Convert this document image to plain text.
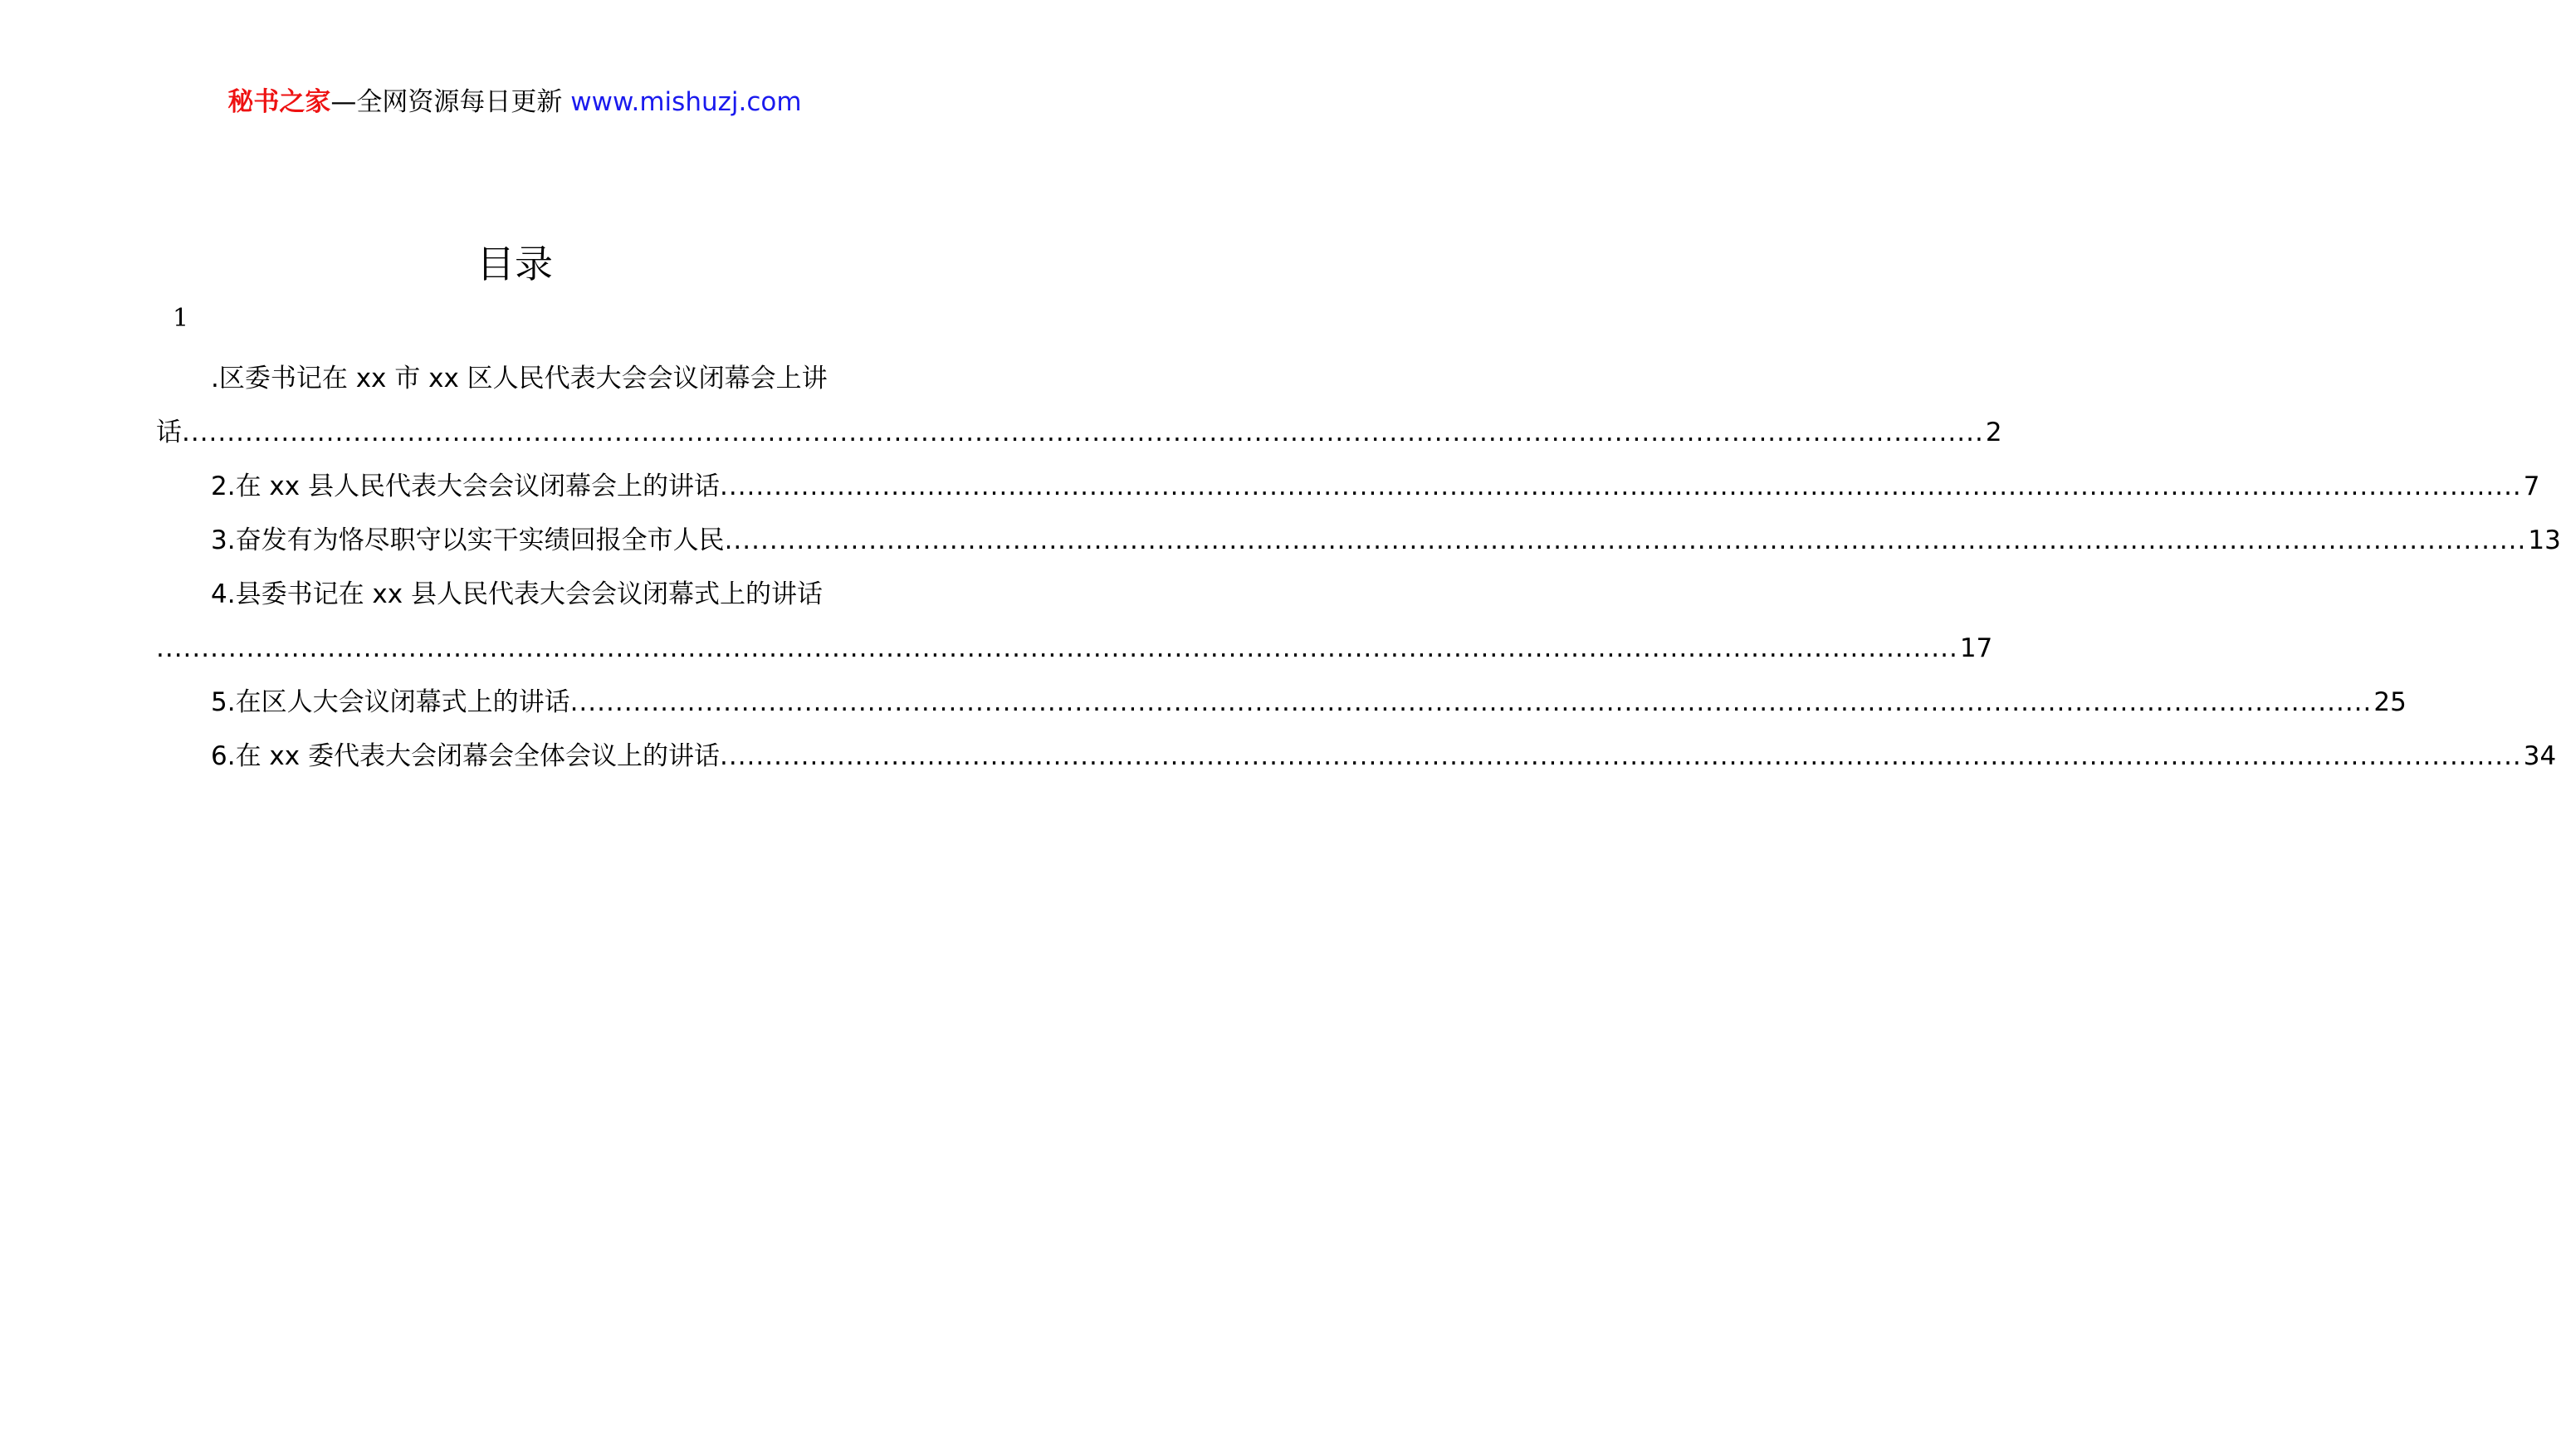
秘书之家—全网资源每日更新 www.mishuzj.com
目录
1
.区委书记在 xx 市 xx 区人民代表大会会议闭幕会上讲
话 ........................................................................................................................................................................................................ 2
2.在 xx 县人民代表大会会议闭幕会上的讲话 ........................................................................................................................................................................................................ 7
3.奋发有为恪尽职守以实干实绩回报全市人民 ........................................................................................................................................................................................................ 13
4.县委书记在 xx 县人民代表大会会议闭幕式上的讲话
........................................................................................................................................................................................................ 17
5.在区人大会议闭幕式上的讲话 ........................................................................................................................................................................................................ 25
6.在 xx 委代表大会闭幕会全体会议上的讲话 ........................................................................................................................................................................................................ 34
